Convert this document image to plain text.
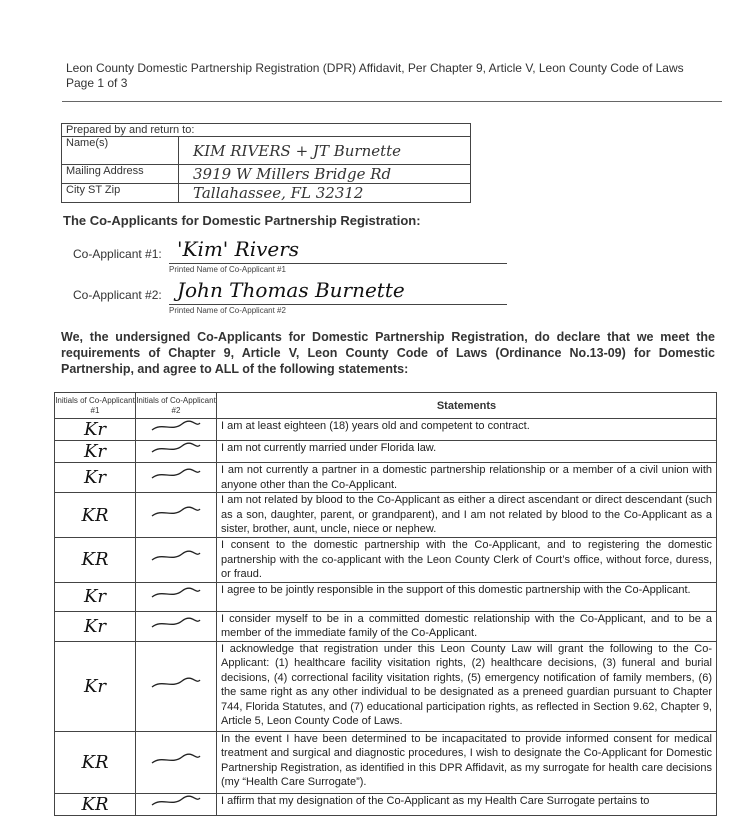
Leon County Domestic Partnership Registration (DPR) Affidavit, Per Chapter 9, Article V, Leon County Code of Laws
Page 1 of 3
Prepared by and return to:	
Name(s)	KIM RIVERS + JT Burnette
Mailing Address	3919 W Millers Bridge Rd
City ST Zip	Tallahassee, FL 32312
The Co-Applicants for Domestic Partnership Registration:
Co-Applicant #1: 'Kim' Rivers
Printed Name of Co-Applicant #1
Co-Applicant #2: John Thomas Burnette
Printed Name of Co-Applicant #2
We, the undersigned Co-Applicants for Domestic Partnership Registration, do declare that we meet the requirements of Chapter 9, Article V, Leon County Code of Laws (Ordinance No.13-09) for Domestic Partnership, and agree to ALL of the following statements:
Initials of Co-Applicant #1	Initials of Co-Applicant #2	Statements
Kr		I am at least eighteen (18) years old and competent to contract.
Kr		I am not currently married under Florida law.
Kr		I am not currently a partner in a domestic partnership relationship or a member of a civil union with anyone other than the Co-Applicant.
KR		I am not related by blood to the Co-Applicant as either a direct ascendant or direct descendant (such as a son, daughter, parent, or grandparent), and I am not related by blood to the Co-Applicant as a sister, brother, aunt, uncle, niece or nephew.
KR		I consent to the domestic partnership with the Co-Applicant, and to registering the domestic partnership with the co-applicant with the Leon County Clerk of Court’s office, without force, duress, or fraud.
Kr		I agree to be jointly responsible in the support of this domestic partnership with the Co-Applicant.
Kr		I consider myself to be in a committed domestic relationship with the Co-Applicant, and to be a member of the immediate family of the Co-Applicant.
Kr		I acknowledge that registration under this Leon County Law will grant the following to the Co-Applicant: (1) healthcare facility visitation rights, (2) healthcare decisions, (3) funeral and burial decisions, (4) correctional facility visitation rights, (5) emergency notification of family members, (6) the same right as any other individual to be designated as a preneed guardian pursuant to Chapter 744, Florida Statutes, and (7) educational participation rights, as reflected in Section 9.62, Chapter 9, Article 5, Leon County Code of Laws.
KR		In the event I have been determined to be incapacitated to provide informed consent for medical treatment and surgical and diagnostic procedures, I wish to designate the Co-Applicant for Domestic Partnership Registration, as identified in this DPR Affidavit, as my surrogate for health care decisions (my “Health Care Surrogate”).
KR		I affirm that my designation of the Co-Applicant as my Health Care Surrogate pertains to
